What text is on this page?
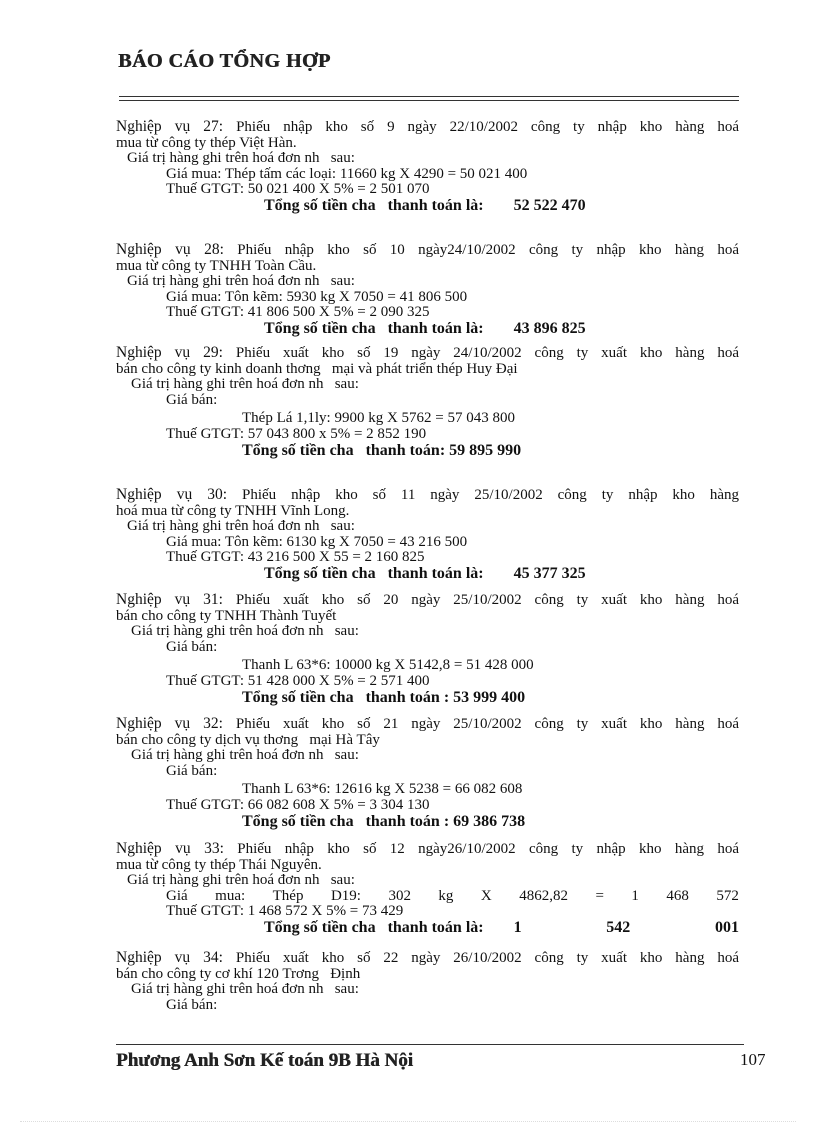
BÁO CÁO TỔNG HỢP
Nghiệp vụ 27: Phiếu nhập kho số 9 ngày 22/10/2002 công ty nhập kho hàng hoá
mua từ công ty thép Việt Hàn.
Giá trị hàng ghi trên hoá đơn nh   sau:
Giá mua: Thép tấm các loại: 11660 kg X 4290 = 50 021 400
Thuế GTGT: 50 021 400 X 5% = 2 501 070
Tổng số tiền cha   thanh toán là: 52 522 470
Nghiệp vụ 28: Phiếu nhập kho số 10 ngày24/10/2002 công ty nhập kho hàng hoá
mua từ công ty TNHH Toàn Cầu.
Giá trị hàng ghi trên hoá đơn nh   sau:
Giá mua: Tôn kẽm: 5930 kg X 7050 = 41 806 500
Thuế GTGT: 41 806 500 X 5% = 2 090 325
Tổng số tiền cha   thanh toán là: 43 896 825
Nghiệp vụ 29: Phiếu xuất kho số 19 ngày 24/10/2002 công ty xuất kho hàng hoá
bán cho công ty kinh doanh thơng   mại và phát triển thép Huy Đại
Giá trị hàng ghi trên hoá đơn nh   sau:
Giá bán:
Thép Lá 1,1ly: 9900 kg X 5762 = 57 043 800
Thuế GTGT: 57 043 800 x 5% = 2 852 190
Tổng số tiền cha   thanh toán: 59 895 990
Nghiệp vụ 30: Phiếu nhập kho số 11 ngày 25/10/2002 công ty nhập kho hàng
hoá mua từ công ty TNHH Vĩnh Long.
Giá trị hàng ghi trên hoá đơn nh   sau:
Giá mua: Tôn kẽm: 6130 kg X 7050 = 43 216 500
Thuế GTGT: 43 216 500 X 55 = 2 160 825
Tổng số tiền cha   thanh toán là: 45 377 325
Nghiệp vụ 31: Phiếu xuất kho số 20 ngày 25/10/2002 công ty xuất kho hàng hoá
bán cho công ty TNHH Thành Tuyết
Giá trị hàng ghi trên hoá đơn nh   sau:
Giá bán:
Thanh L 63*6: 10000 kg X 5142,8 = 51 428 000
Thuế GTGT: 51 428 000 X 5% = 2 571 400
Tổng số tiền cha   thanh toán : 53 999 400
Nghiệp vụ 32: Phiếu xuất kho số 21 ngày 25/10/2002 công ty xuất kho hàng hoá
bán cho công ty dịch vụ thơng   mại Hà Tây
Giá trị hàng ghi trên hoá đơn nh   sau:
Giá bán:
Thanh L 63*6: 12616 kg X 5238 = 66 082 608
Thuế GTGT: 66 082 608 X 5% = 3 304 130
Tổng số tiền cha   thanh toán : 69 386 738
Nghiệp vụ 33: Phiếu nhập kho số 12 ngày26/10/2002 công ty nhập kho hàng hoá
mua từ công ty thép Thái Nguyên.
Giá trị hàng ghi trên hoá đơn nh   sau:
Giá mua: Thép D19: 302 kg X 4862,82 = 1 468 572
Thuế GTGT: 1 468 572 X 5% = 73 429
Tổng số tiền cha   thanh toán là: 1	542	001
Nghiệp vụ 34: Phiếu xuất kho số 22 ngày 26/10/2002 công ty xuất kho hàng hoá
bán cho công ty cơ khí 120 Trơng   Định
Giá trị hàng ghi trên hoá đơn nh   sau:
Giá bán:
Phương Anh Sơn Kế toán 9B Hà Nội	107
